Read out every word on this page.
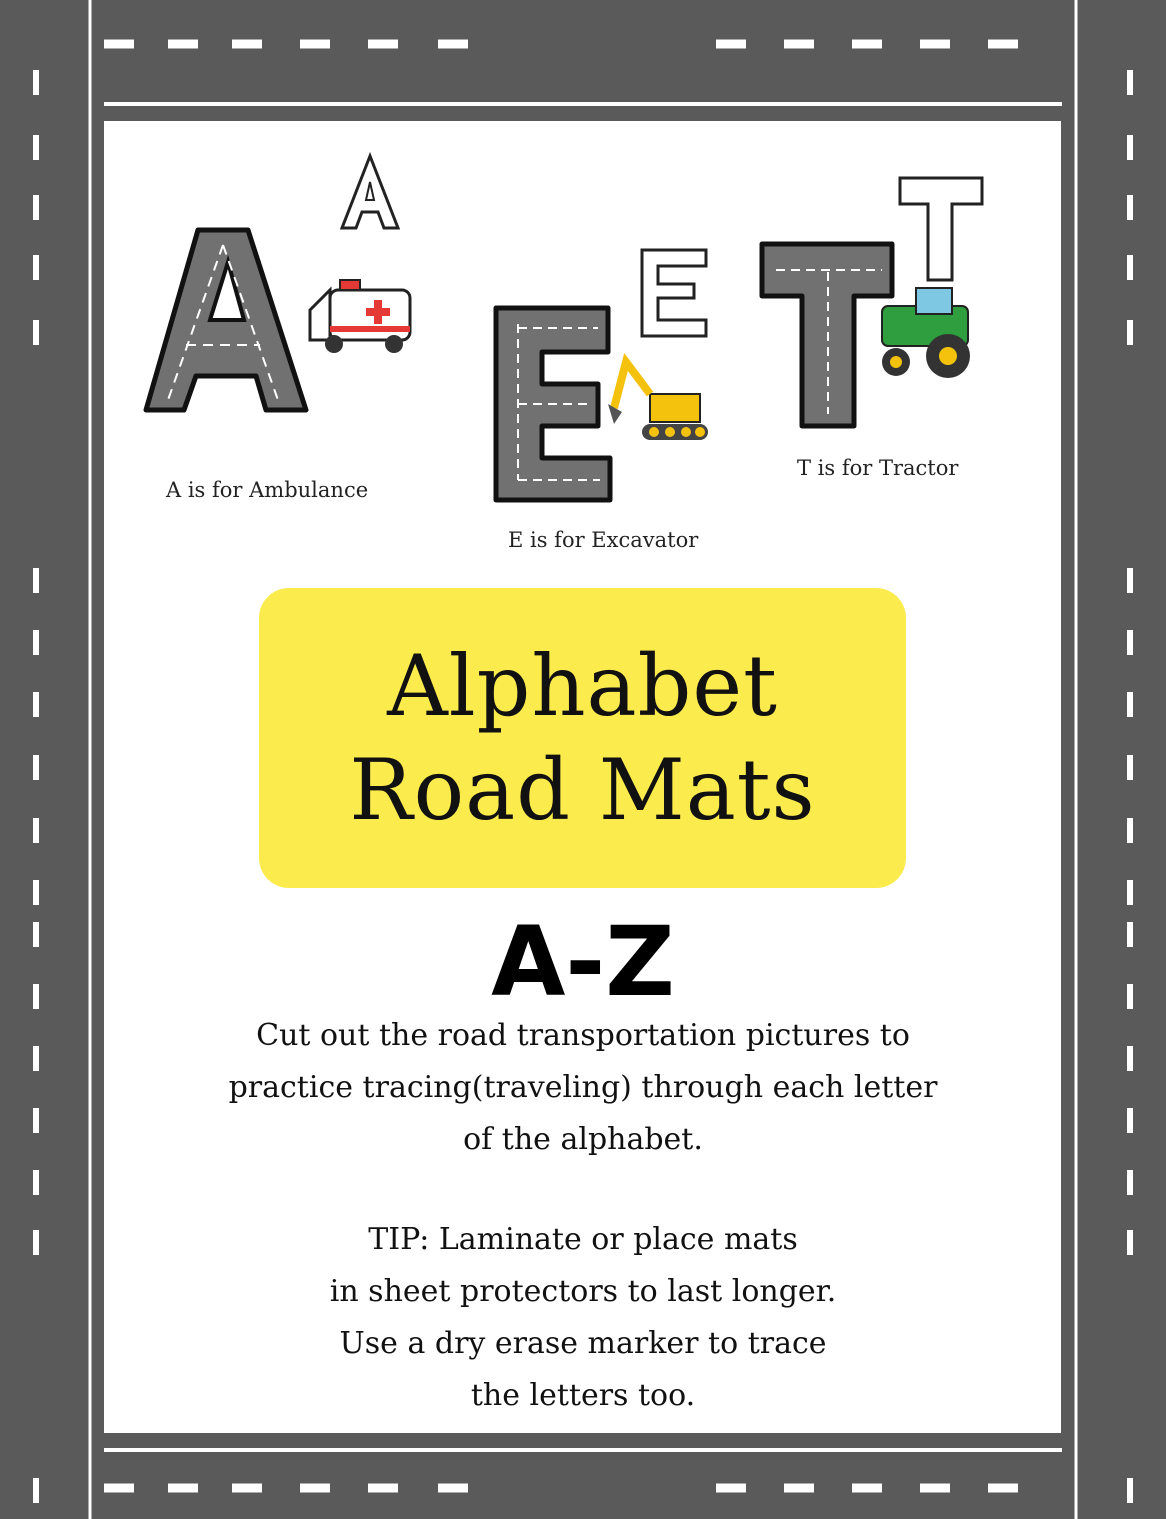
A is for Ambulance
E is for Excavator
T is for Tractor
Alphabet
Road Mats
A-Z
Cut out the road transportation pictures to
practice tracing(traveling) through each letter
of the alphabet.
TIP: Laminate or place mats
in sheet protectors to last longer.
Use a dry erase marker to trace
the letters too.
